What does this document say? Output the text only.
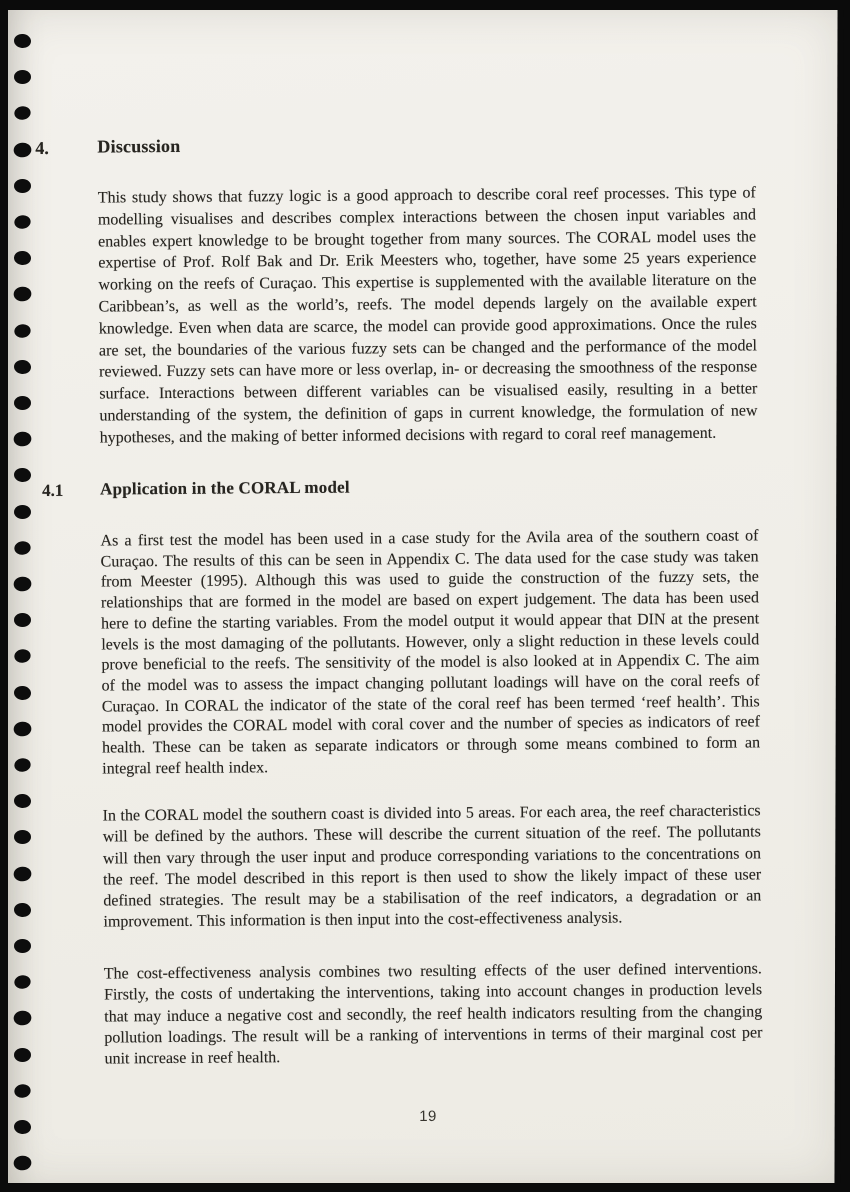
4.	Discussion

This study shows that fuzzy logic is a good approach to describe coral reef processes. This type of modelling visualises and describes complex interactions between the chosen input variables and enables expert knowledge to be brought together from many sources. The CORAL model uses the expertise of Prof. Rolf Bak and Dr. Erik Meesters who, together, have some 25 years experience working on the reefs of Curaçao. This expertise is supplemented with the available literature on the Caribbean’s, as well as the world’s, reefs. The model depends largely on the available expert knowledge. Even when data are scarce, the model can provide good approximations. Once the rules are set, the boundaries of the various fuzzy sets can be changed and the performance of the model reviewed. Fuzzy sets can have more or less overlap, in- or decreasing the smoothness of the response surface. Interactions between different variables can be visualised easily, resulting in a better understanding of the system, the definition of gaps in current knowledge, the formulation of new hypotheses, and the making of better informed decisions with regard to coral reef management.

4.1 Application in the CORAL model

As a first test the model has been used in a case study for the Avila area of the southern coast of Curaçao. The results of this can be seen in Appendix C. The data used for the case study was taken from Meester (1995). Although this was used to guide the construction of the fuzzy sets, the relationships that are formed in the model are based on expert judgement. The data has been used here to define the starting variables. From the model output it would appear that DIN at the present levels is the most damaging of the pollutants. However, only a slight reduction in these levels could prove beneficial to the reefs. The sensitivity of the model is also looked at in Appendix C. The aim of the model was to assess the impact changing pollutant loadings will have on the coral reefs of Curaçao. In CORAL the indicator of the state of the coral reef has been termed ‘reef health’. This model provides the CORAL model with coral cover and the number of species as indicators of reef health. These can be taken as separate indicators or through some means combined to form an integral reef health index.

In the CORAL model the southern coast is divided into 5 areas. For each area, the reef characteristics will be defined by the authors. These will describe the current situation of the reef. The pollutants will then vary through the user input and produce corresponding variations to the concentrations on the reef. The model described in this report is then used to show the likely impact of these user defined strategies. The result may be a stabilisation of the reef indicators, a degradation or an improvement. This information is then input into the cost-effectiveness analysis.

The cost-effectiveness analysis combines two resulting effects of the user defined interventions. Firstly, the costs of undertaking the interventions, taking into account changes in production levels that may induce a negative cost and secondly, the reef health indicators resulting from the changing pollution loadings. The result will be a ranking of interventions in terms of their marginal cost per unit increase in reef health.

19
